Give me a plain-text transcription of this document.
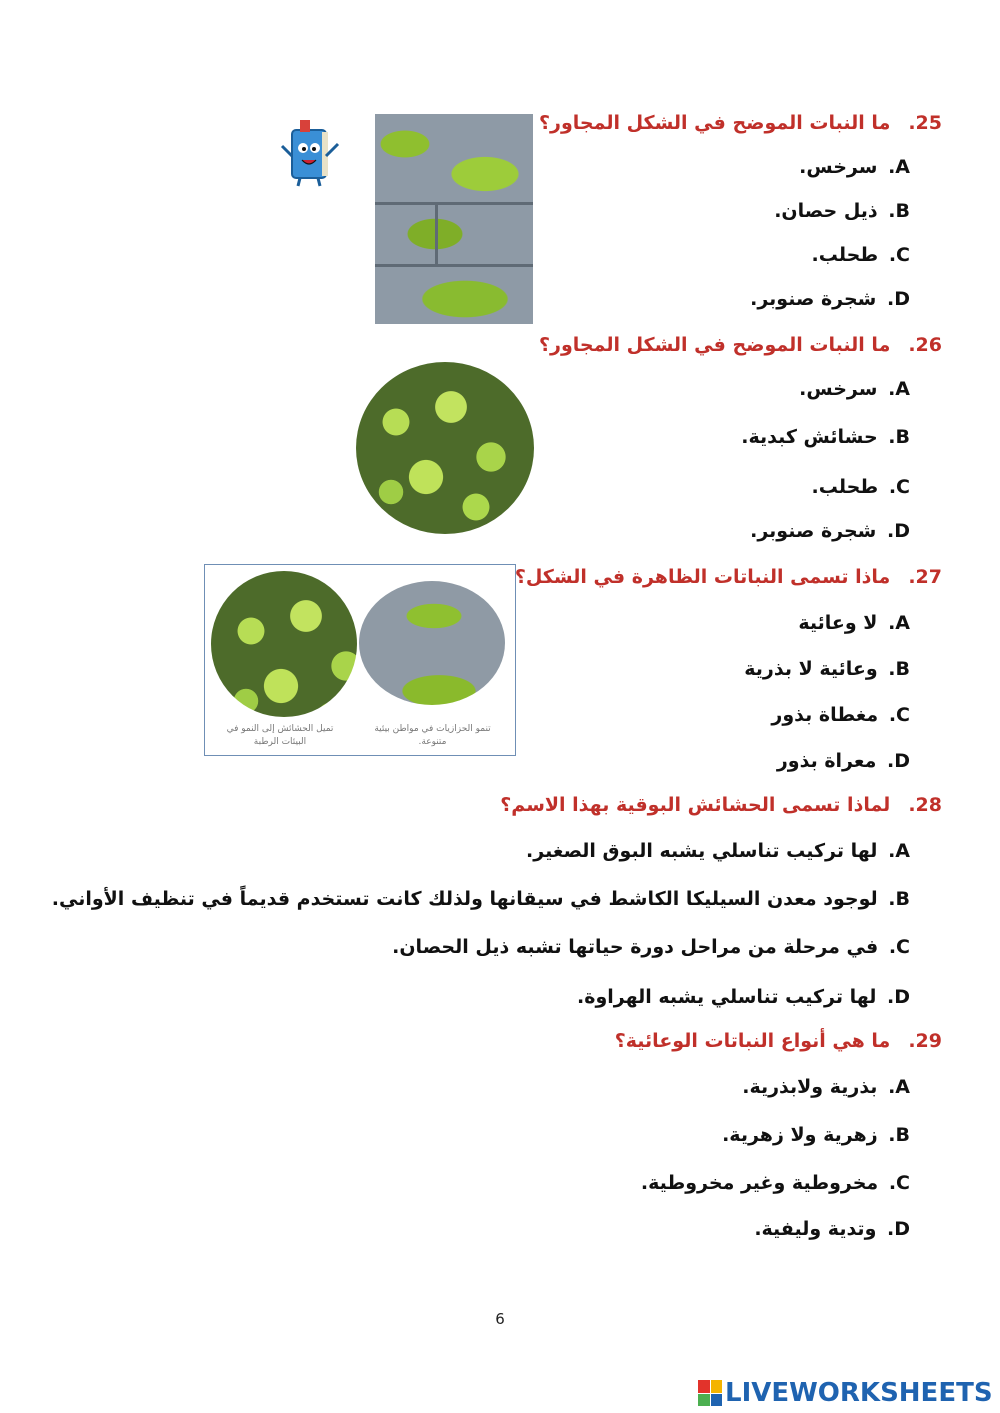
25.ما النبات الموضح في الشكل المجاور؟
A. سرخس.
B. ذيل حصان.
C. طحلب.
D. شجرة صنوبر.
26.ما النبات الموضح في الشكل المجاور؟
A. سرخس.
B. حشائش كبدية.
C. طحلب.
D. شجرة صنوبر.
تميل الحشائش إلى النمو في البيئات الرطبة
تنمو الحزازيات في مواطن بيئية متنوعة.
27.ماذا تسمى النباتات الظاهرة في الشكل؟
A. لا وعائية
B. وعائية لا بذرية
C. مغطاة بذور
D. معراة بذور
28.لماذا تسمى الحشائش البوقية بهذا الاسم؟
A. لها تركيب تناسلي يشبه البوق الصغير.
B. لوجود معدن السيليكا الكاشط في سيقانها ولذلك كانت تستخدم قديماً في تنظيف الأواني.
C. في مرحلة من مراحل دورة حياتها تشبه ذيل الحصان.
D. لها تركيب تناسلي يشبه الهراوة.
29.ما هي أنواع النباتات الوعائية؟
A. بذرية ولابذرية.
B. زهرية ولا زهرية.
C. مخروطية وغير مخروطية.
D. وتدية وليفية.
6
LIVEWORKSHEETS
